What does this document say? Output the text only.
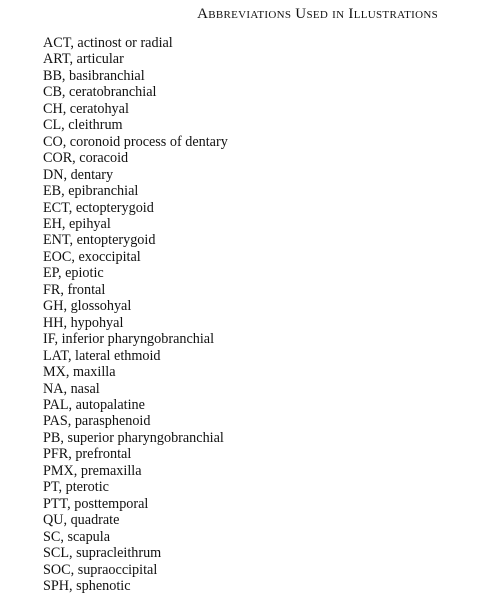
Abbreviations Used in Illustrations
ACT, actinost or radial
ART, articular
BB, basibranchial
CB, ceratobranchial
CH, ceratohyal
CL, cleithrum
CO, coronoid process of dentary
COR, coracoid
DN, dentary
EB, epibranchial
ECT, ectopterygoid
EH, epihyal
ENT, entopterygoid
EOC, exoccipital
EP, epiotic
FR, frontal
GH, glossohyal
HH, hypohyal
IF, inferior pharyngobranchial
LAT, lateral ethmoid
MX, maxilla
NA, nasal
PAL, autopalatine
PAS, parasphenoid
PB, superior pharyngobranchial
PFR, prefrontal
PMX, premaxilla
PT, pterotic
PTT, posttemporal
QU, quadrate
SC, scapula
SCL, supracleithrum
SOC, supraoccipital
SPH, sphenotic
